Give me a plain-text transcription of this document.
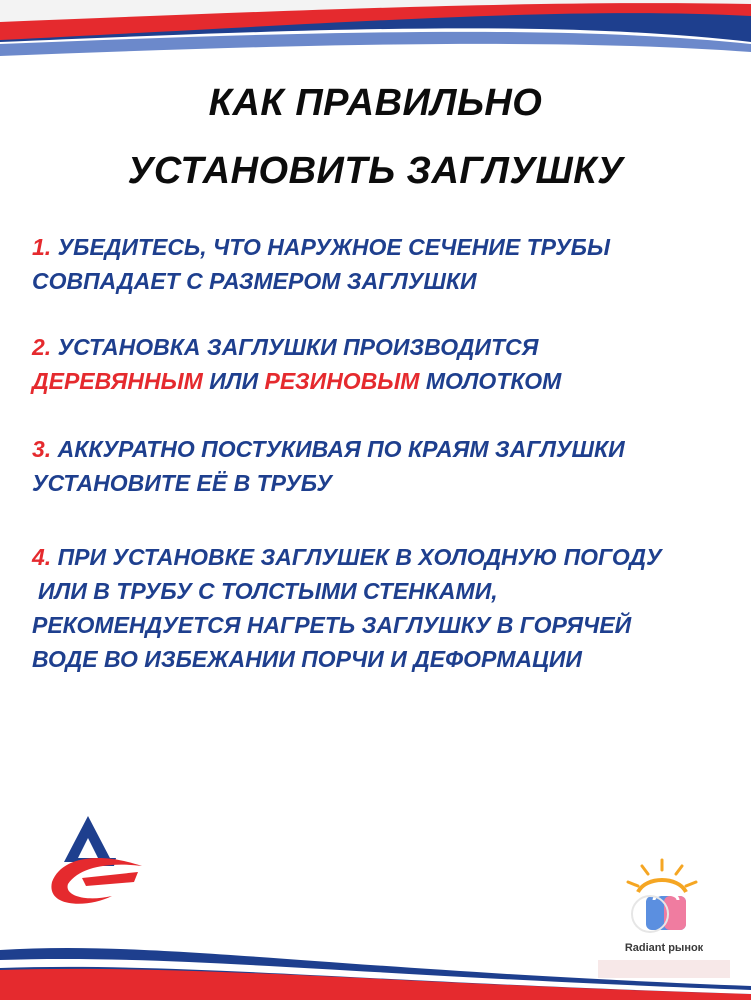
КАК ПРАВИЛЬНО
УСТАНОВИТЬ ЗАГЛУШКУ
1. УБЕДИТЕСЬ, ЧТО НАРУЖНОЕ СЕЧЕНИЕ ТРУБЫ
СОВПАДАЕТ С РАЗМЕРОМ ЗАГЛУШКИ
2. УСТАНОВКА ЗАГЛУШКИ ПРОИЗВОДИТСЯ
ДЕРЕВЯННЫМ ИЛИ РЕЗИНОВЫМ МОЛОТКОМ
3. АККУРАТНО ПОСТУКИВАЯ ПО КРАЯМ ЗАГЛУШКИ
УСТАНОВИТЕ ЕЁ В ТРУБУ
4. ПРИ УСТАНОВКЕ ЗАГЛУШЕК В ХОЛОДНУЮ ПОГОДУ
ИЛИ В ТРУБУ С ТОЛСТЫМИ СТЕНКАМИ,
РЕКОМЕНДУЕТСЯ НАГРЕТЬ ЗАГЛУШКУ В ГОРЯЧЕЙ
ВОДЕ ВО ИЗБЕЖАНИИ ПОРЧИ И ДЕФОРМАЦИИ
Radiant рынок
